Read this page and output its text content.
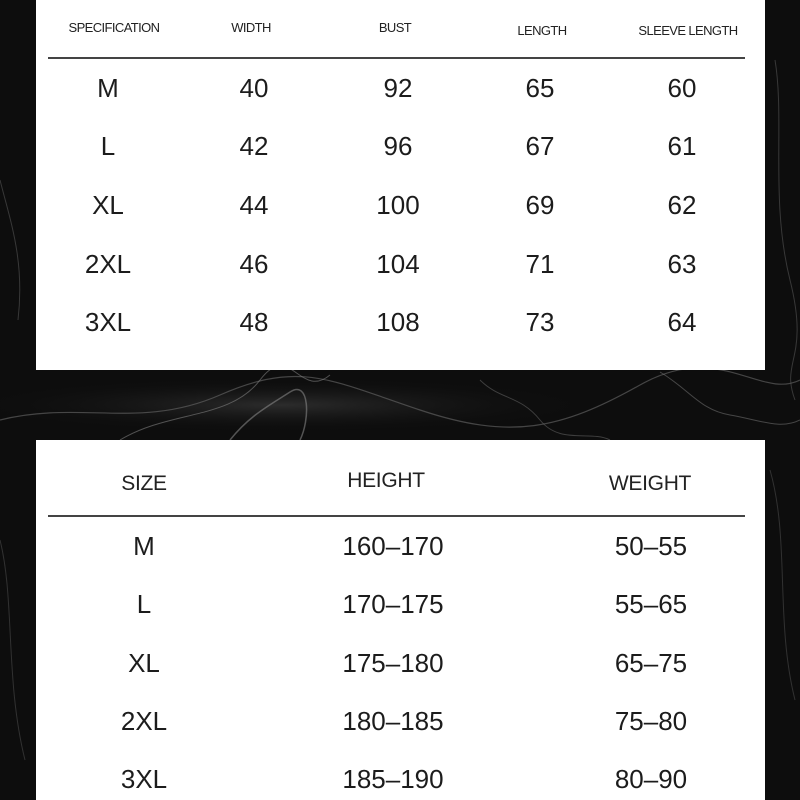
SPECIFICATION	WIDTH	BUST	LENGTH	SLEEVE LENGTH
M	40	92	65	60
L	42	96	67	61
XL	44	100	69	62
2XL	46	104	71	63
3XL	48	108	73	64
SIZE	HEIGHT	WEIGHT
M	160–170	50–55
L	170–175	55–65
XL	175–180	65–75
2XL	180–185	75–80
3XL	185–190	80–90
